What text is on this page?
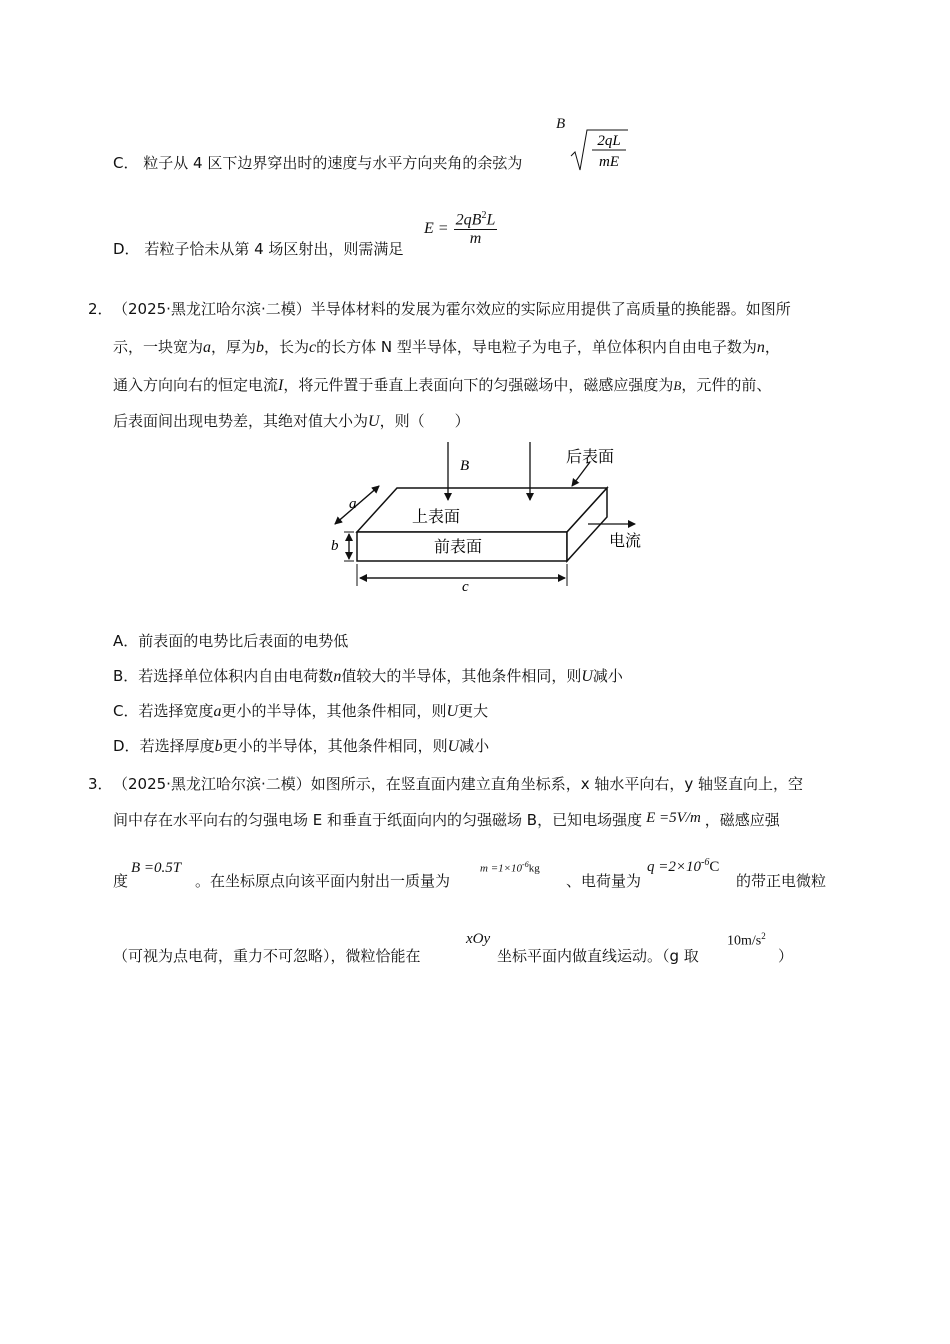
C． 粒子从 4 区下边界穿出时的速度与水平方向夹角的余弦为
B
2qL
mE
D． 若粒子恰未从第 4 场区射出，则需满足
$E = \frac{2qB^2L}{m}$
2． （2025·黑龙江哈尔滨·二模）半导体材料的发展为霍尔效应的实际应用提供了高质量的换能器。如图所
示，一块宽为a，厚为b，长为c的长方体 N 型半导体，导电粒子为电子，单位体积内自由电子数为n，
通入方向向右的恒定电流I，将元件置于垂直上表面向下的匀强磁场中，磁感应强度为B，元件的前、
后表面间出现电势差，其绝对值大小为U，则（　　）
B	后表面
上表面
前表面	电流
a
b
c
A．前表面的电势比后表面的电势低
B．若选择单位体积内自由电荷数n值较大的半导体，其他条件相同，则U减小
C．若选择宽度a更小的半导体，其他条件相同，则U更大
D．若选择厚度b更小的半导体，其他条件相同，则U减小
3． （2025·黑龙江哈尔滨·二模）如图所示，在竖直面内建立直角坐标系，x 轴水平向右，y 轴竖直向上，空
间中存在水平向右的匀强电场 E 和垂直于纸面向内的匀强磁场 B，已知电场强度 E =5V/m ，磁感应强
度
B =0.5T
。在坐标原点向该平面内射出一质量为
$m =1\times 10^{-6}kg$
、电荷量为
$q =2\times 10^{-6}C$
的带正电微粒
（可视为点电荷，重力不可忽略），微粒恰能在
xOy
坐标平面内做直线运动。（g 取
$10m/s^2$
）
